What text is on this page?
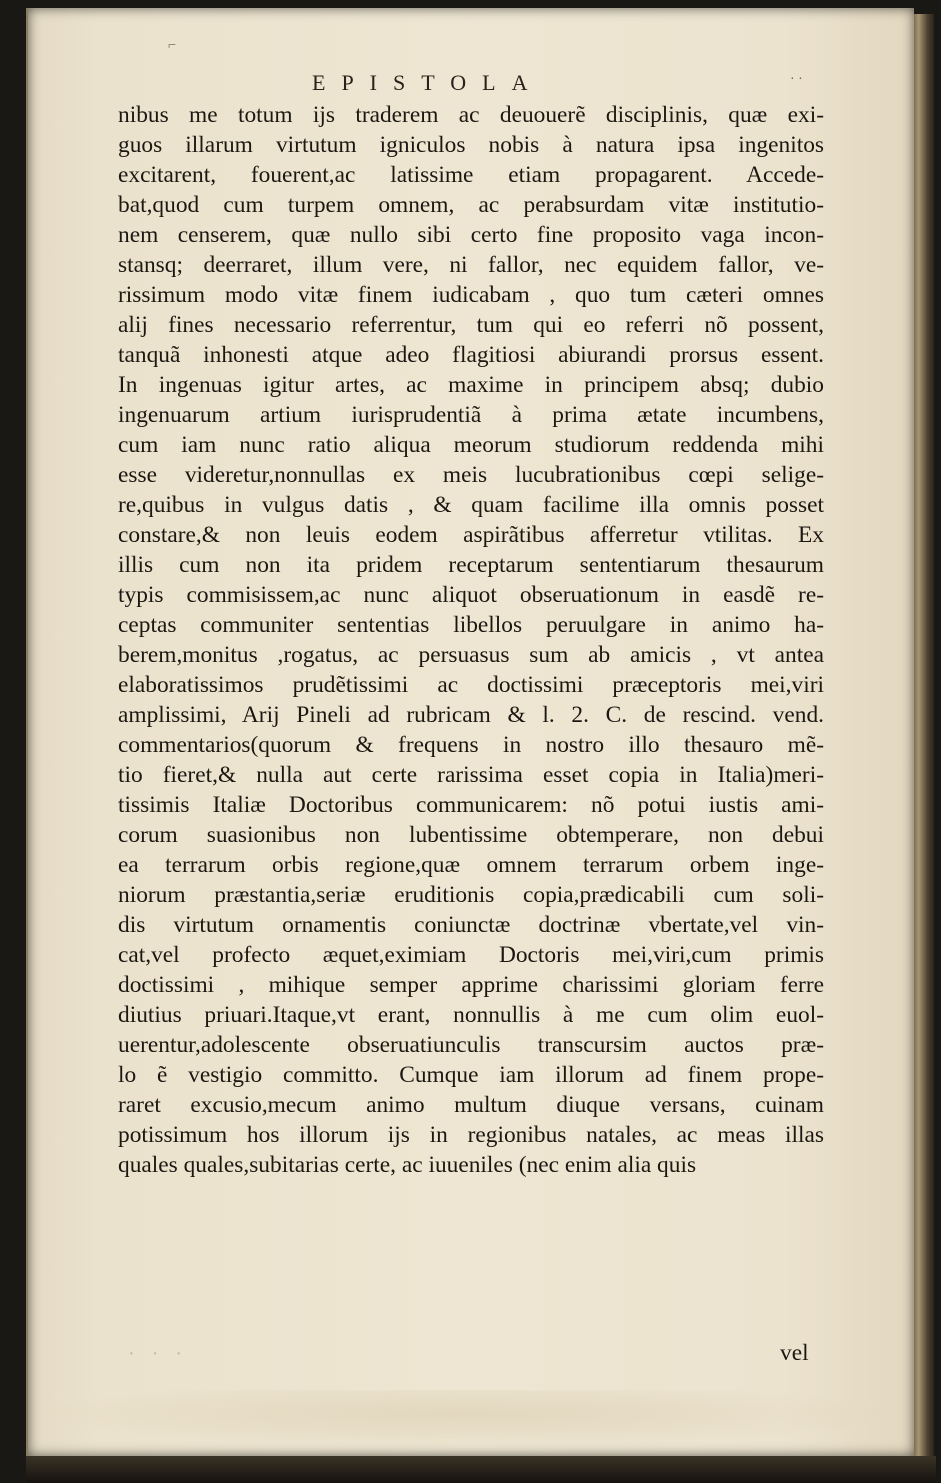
⌐
EPISTOLA	· ·
nibus me totum ijs traderem ac deuouerẽ disciplinis, quæ exi-
guos illarum virtutum igniculos nobis à natura ipsa ingenitos
excitarent, fouerent,ac latissime etiam propagarent. Accede-
bat,quod cum turpem omnem, ac perabsurdam vitæ institutio-
nem censerem, quæ nullo sibi certo fine proposito vaga incon-
stansq; deerraret, illum vere, ni fallor, nec equidem fallor, ve-
rissimum modo vitæ finem iudicabam , quo tum cæteri omnes
alij fines necessario referrentur, tum qui eo referri nõ possent,
tanquã inhonesti atque adeo flagitiosi abiurandi prorsus essent.
In ingenuas igitur artes, ac maxime in principem absq; dubio
ingenuarum artium iurisprudentiã à prima ætate incumbens,
cum iam nunc ratio aliqua meorum studiorum reddenda mihi
esse videretur,nonnullas ex meis lucubrationibus cœpi selige-
re,quibus in vulgus datis , & quam facilime illa omnis posset
constare,& non leuis eodem aspirãtibus afferretur vtilitas. Ex
illis cum non ita pridem receptarum sententiarum thesaurum
typis commisissem,ac nunc aliquot obseruationum in easdẽ re-
ceptas communiter sententias libellos peruulgare in animo ha-
berem,monitus ,rogatus, ac persuasus sum ab amicis , vt antea
elaboratissimos prudẽtissimi ac doctissimi præceptoris mei,viri
amplissimi, Arij Pineli ad rubricam & l. 2. C. de rescind. vend.
commentarios(quorum & frequens in nostro illo thesauro mẽ-
tio fieret,& nulla aut certe rarissima esset copia in Italia)meri-
tissimis Italiæ Doctoribus communicarem: nõ potui iustis ami-
corum suasionibus non lubentissime obtemperare, non debui
ea terrarum orbis regione,quæ omnem terrarum orbem inge-
niorum præstantia,seriæ eruditionis copia,prædicabili cum soli-
dis virtutum ornamentis coniunctæ doctrinæ vbertate,vel vin-
cat,vel profecto æquet,eximiam Doctoris mei,viri,cum primis
doctissimi , mihique semper apprime charissimi gloriam ferre
diutius priuari.Itaque,vt erant, nonnullis à me cum olim euol-
uerentur,adolescente obseruatiunculis transcursim auctos præ-
lo ẽ vestigio committo. Cumque iam illorum ad finem prope-
raret excusio,mecum animo multum diuque versans, cuinam
potissimum hos illorum ijs in regionibus natales, ac meas illas
quales quales,subitarias certe, ac iuueniles (nec enim alia quis
· · ·	vel
